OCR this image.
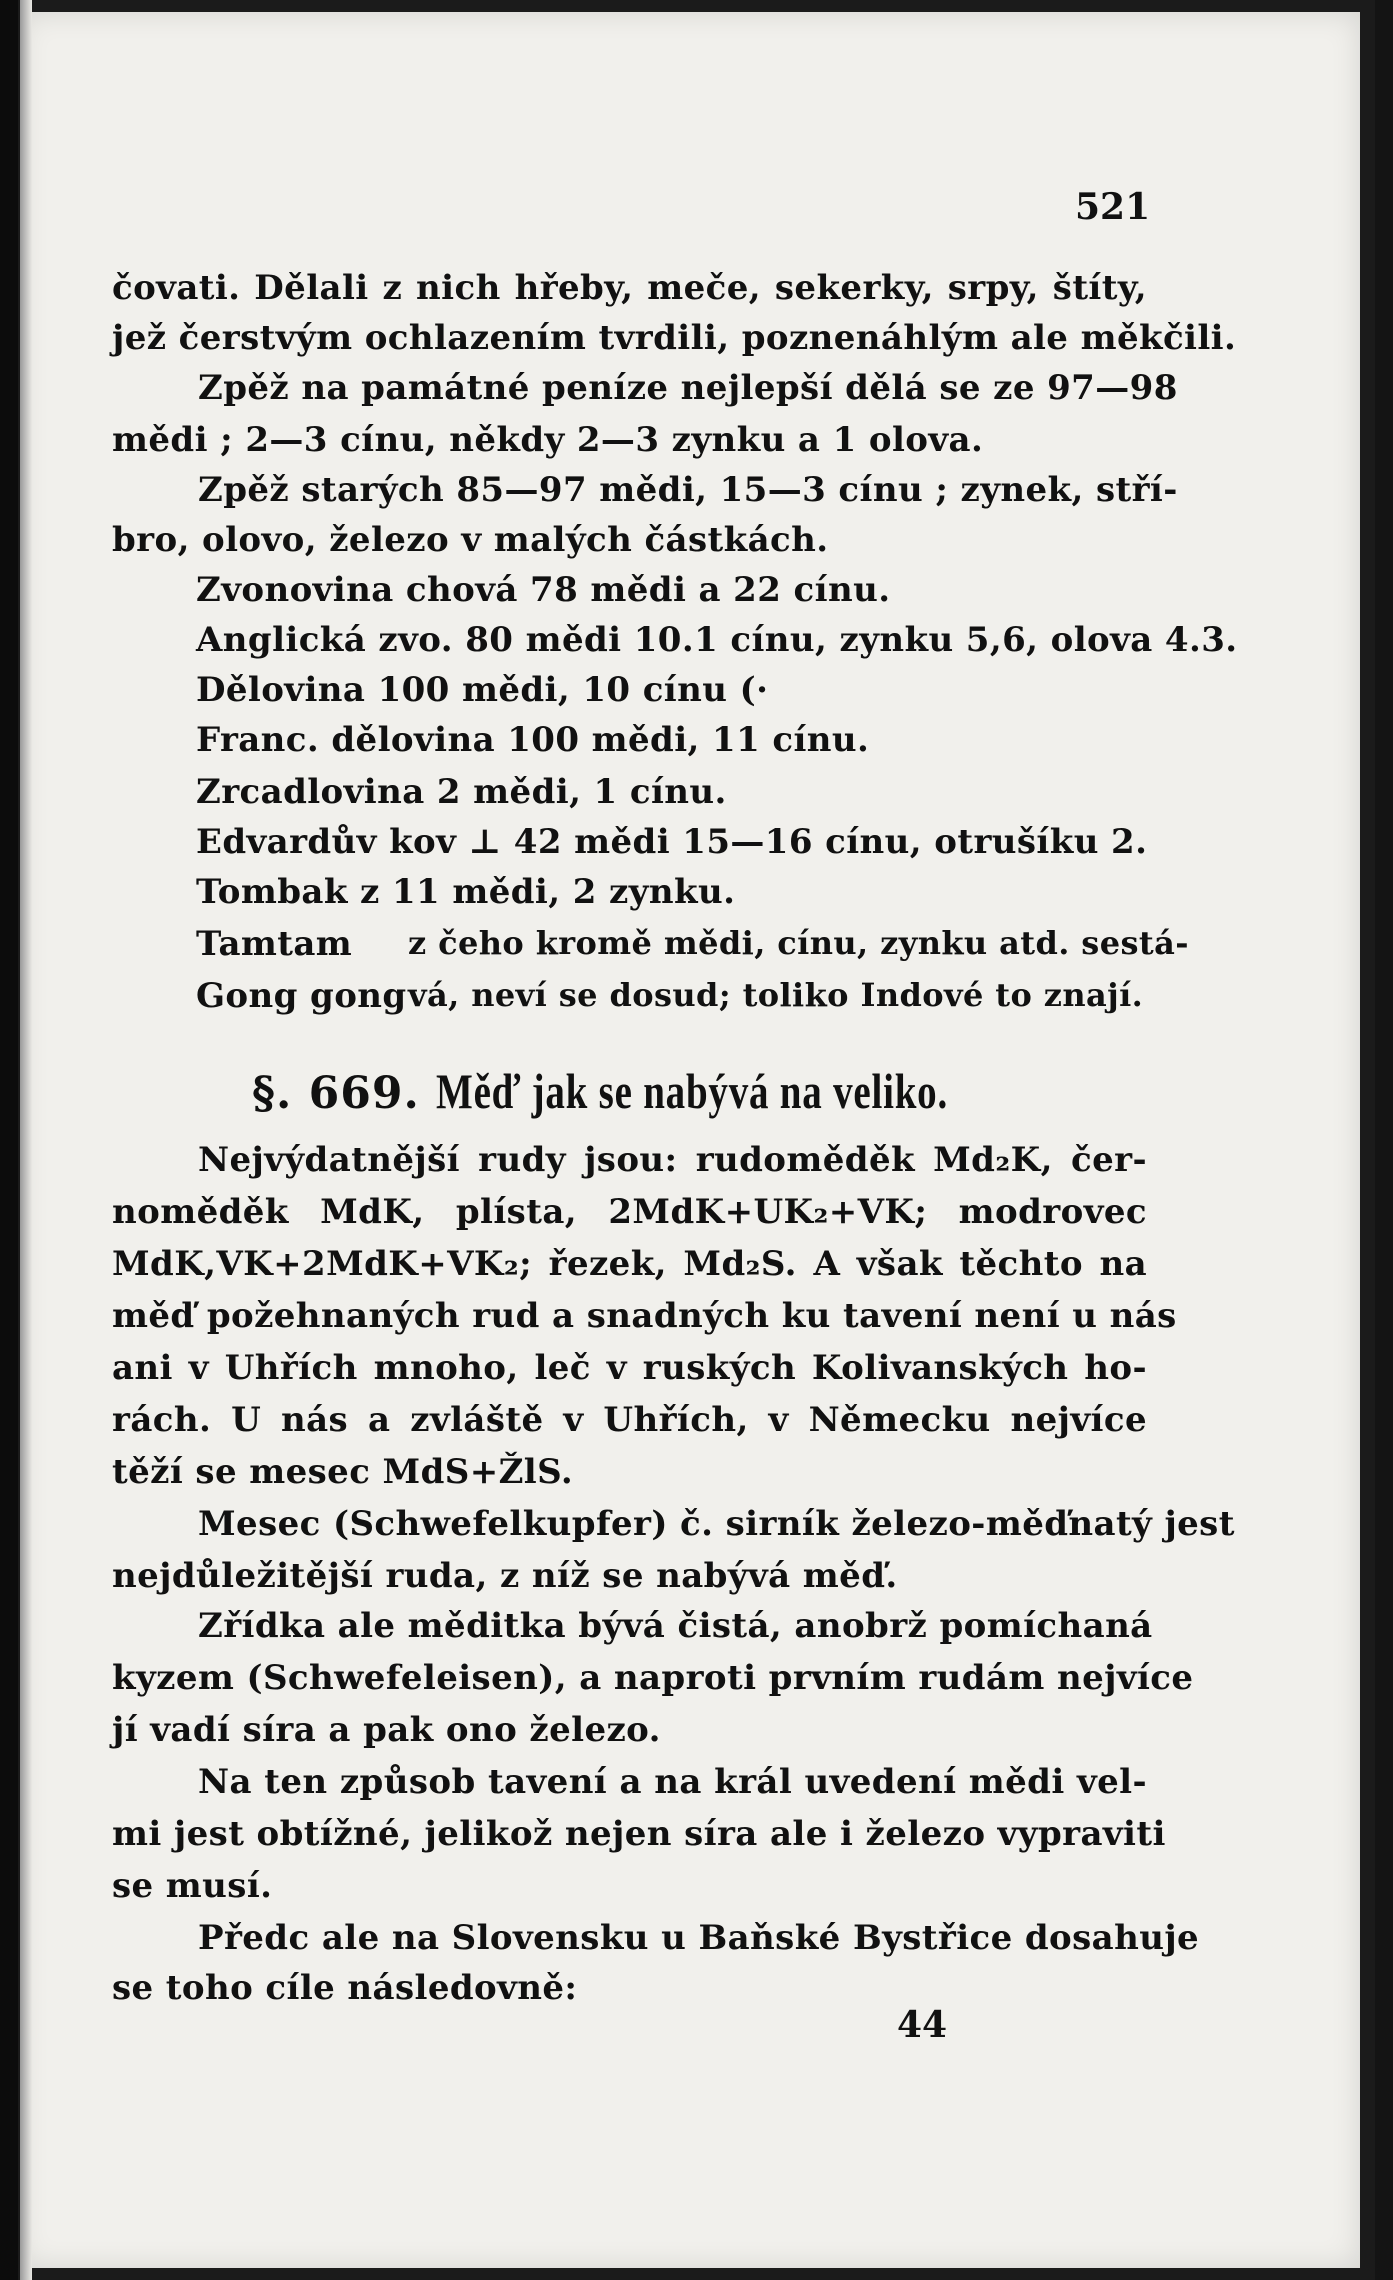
521
čovati. Dělali z nich hřeby, meče, sekerky, srpy, štíty,
jež čerstvým ochlazením tvrdili, poznenáhlým ale měkčili.
Zpěž na památné peníze nejlepší dělá se ze 97—98
mědi ; 2—3 cínu, někdy 2—3 zynku a 1 olova.
Zpěž starých 85—97 mědi, 15—3 cínu ; zynek, stří-
bro, olovo, železo v malých částkách.
Zvonovina chová 78 mědi a 22 cínu.
Anglická zvo. 80 mědi 10.1 cínu, zynku 5,6, olova 4.3.
Dělovina 100 mědi, 10 cínu (·
Franc. dělovina 100 mědi, 11 cínu.
Zrcadlovina 2 mědi, 1 cínu.
Edvardův kov ⊥ 42 mědi 15—16 cínu, otrušíku 2.
Tombak z 11 mědi, 2 zynku.
Tamtam
Gong gong
z čeho kromě mědi, cínu, zynku atd. sestá-
vá, neví se dosud; toliko Indové to znají.
§. 669. Měď jak se nabývá na veliko.
Nejvýdatnější rudy jsou: rudoměděk Md₂K, čer-
noměděk MdK, plísta, 2MdK+UK₂+VK; modrovec
MdK,VK+2MdK+VK₂; řezek, Md₂S. A však těchto na
měď požehnaných rud a snadných ku tavení není u nás
ani v Uhřích mnoho, leč v ruských Kolivanských ho-
rách. U nás a zvláště v Uhřích, v Německu nejvíce
těží se mesec MdS+ŽlS.
Mesec (Schwefelkupfer) č. sirník železo-měďnatý jest
nejdůležitější ruda, z níž se nabývá měď.
Zřídka ale měditka bývá čistá, anobrž pomíchaná
kyzem (Schwefeleisen), a naproti prvním rudám nejvíce
jí vadí síra a pak ono železo.
Na ten způsob tavení a na král uvedení mědi vel-
mi jest obtížné, jelikož nejen síra ale i železo vypraviti
se musí.
Předc ale na Slovensku u Baňské Bystřice dosahuje
se toho cíle následovně:
44
